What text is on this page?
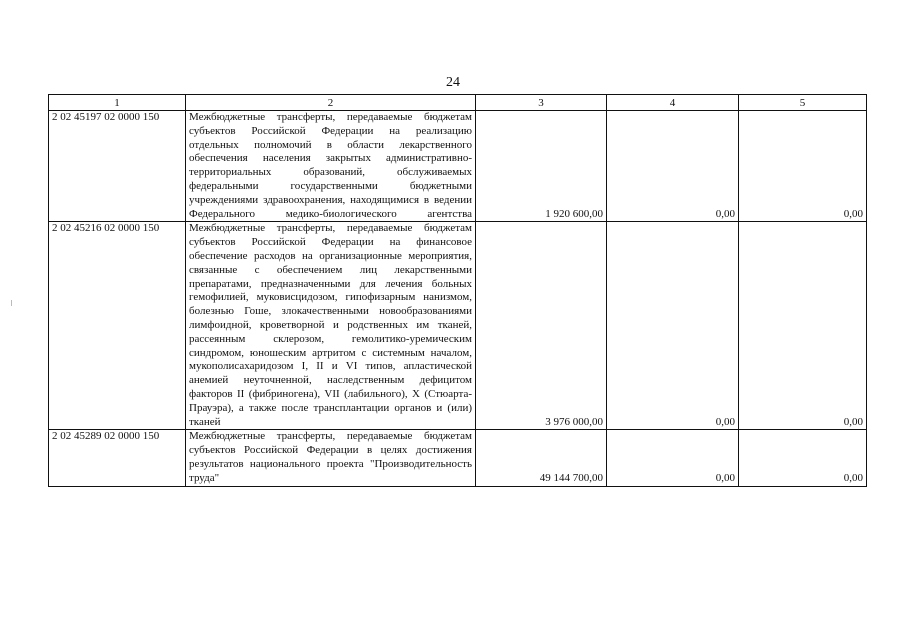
24
1	2	3	4	5
2 02 45197 02 0000 150	Межбюджетные трансферты, передаваемые бюджетам субъектов Российской Федерации на реализацию отдельных полномочий в области лекарственного обеспечения населения закрытых административно-территориальных образований, обслуживаемых федеральными государственными бюджетными учреждениями здравоохранения, находящимися в ведении Федерального медико-биологического агентства	1 920 600,00	0,00	0,00
2 02 45216 02 0000 150	Межбюджетные трансферты, передаваемые бюджетам субъектов Российской Федерации на финансовое обеспечение расходов на организационные мероприятия, связанные с обеспечением лиц лекарственными препаратами, предназначенными для лечения больных гемофилией, муковисцидозом, гипофизарным нанизмом, болезнью Гоше, злокачественными новообразованиями лимфоидной, кроветворной и родственных им тканей, рассеянным склерозом, гемолитико-уремическим синдромом, юношеским артритом с системным началом, мукополисахаридозом I, II и VI типов, апластической анемией неуточненной, наследственным дефицитом факторов II (фибриногена), VII (лабильного), X (Стюарта-Прауэра), а также после трансплантации органов и (или) тканей	3 976 000,00	0,00	0,00
2 02 45289 02 0000 150	Межбюджетные трансферты, передаваемые бюджетам субъектов Российской Федерации в целях достижения результатов национального проекта "Производительность труда"	49 144 700,00	0,00	0,00
